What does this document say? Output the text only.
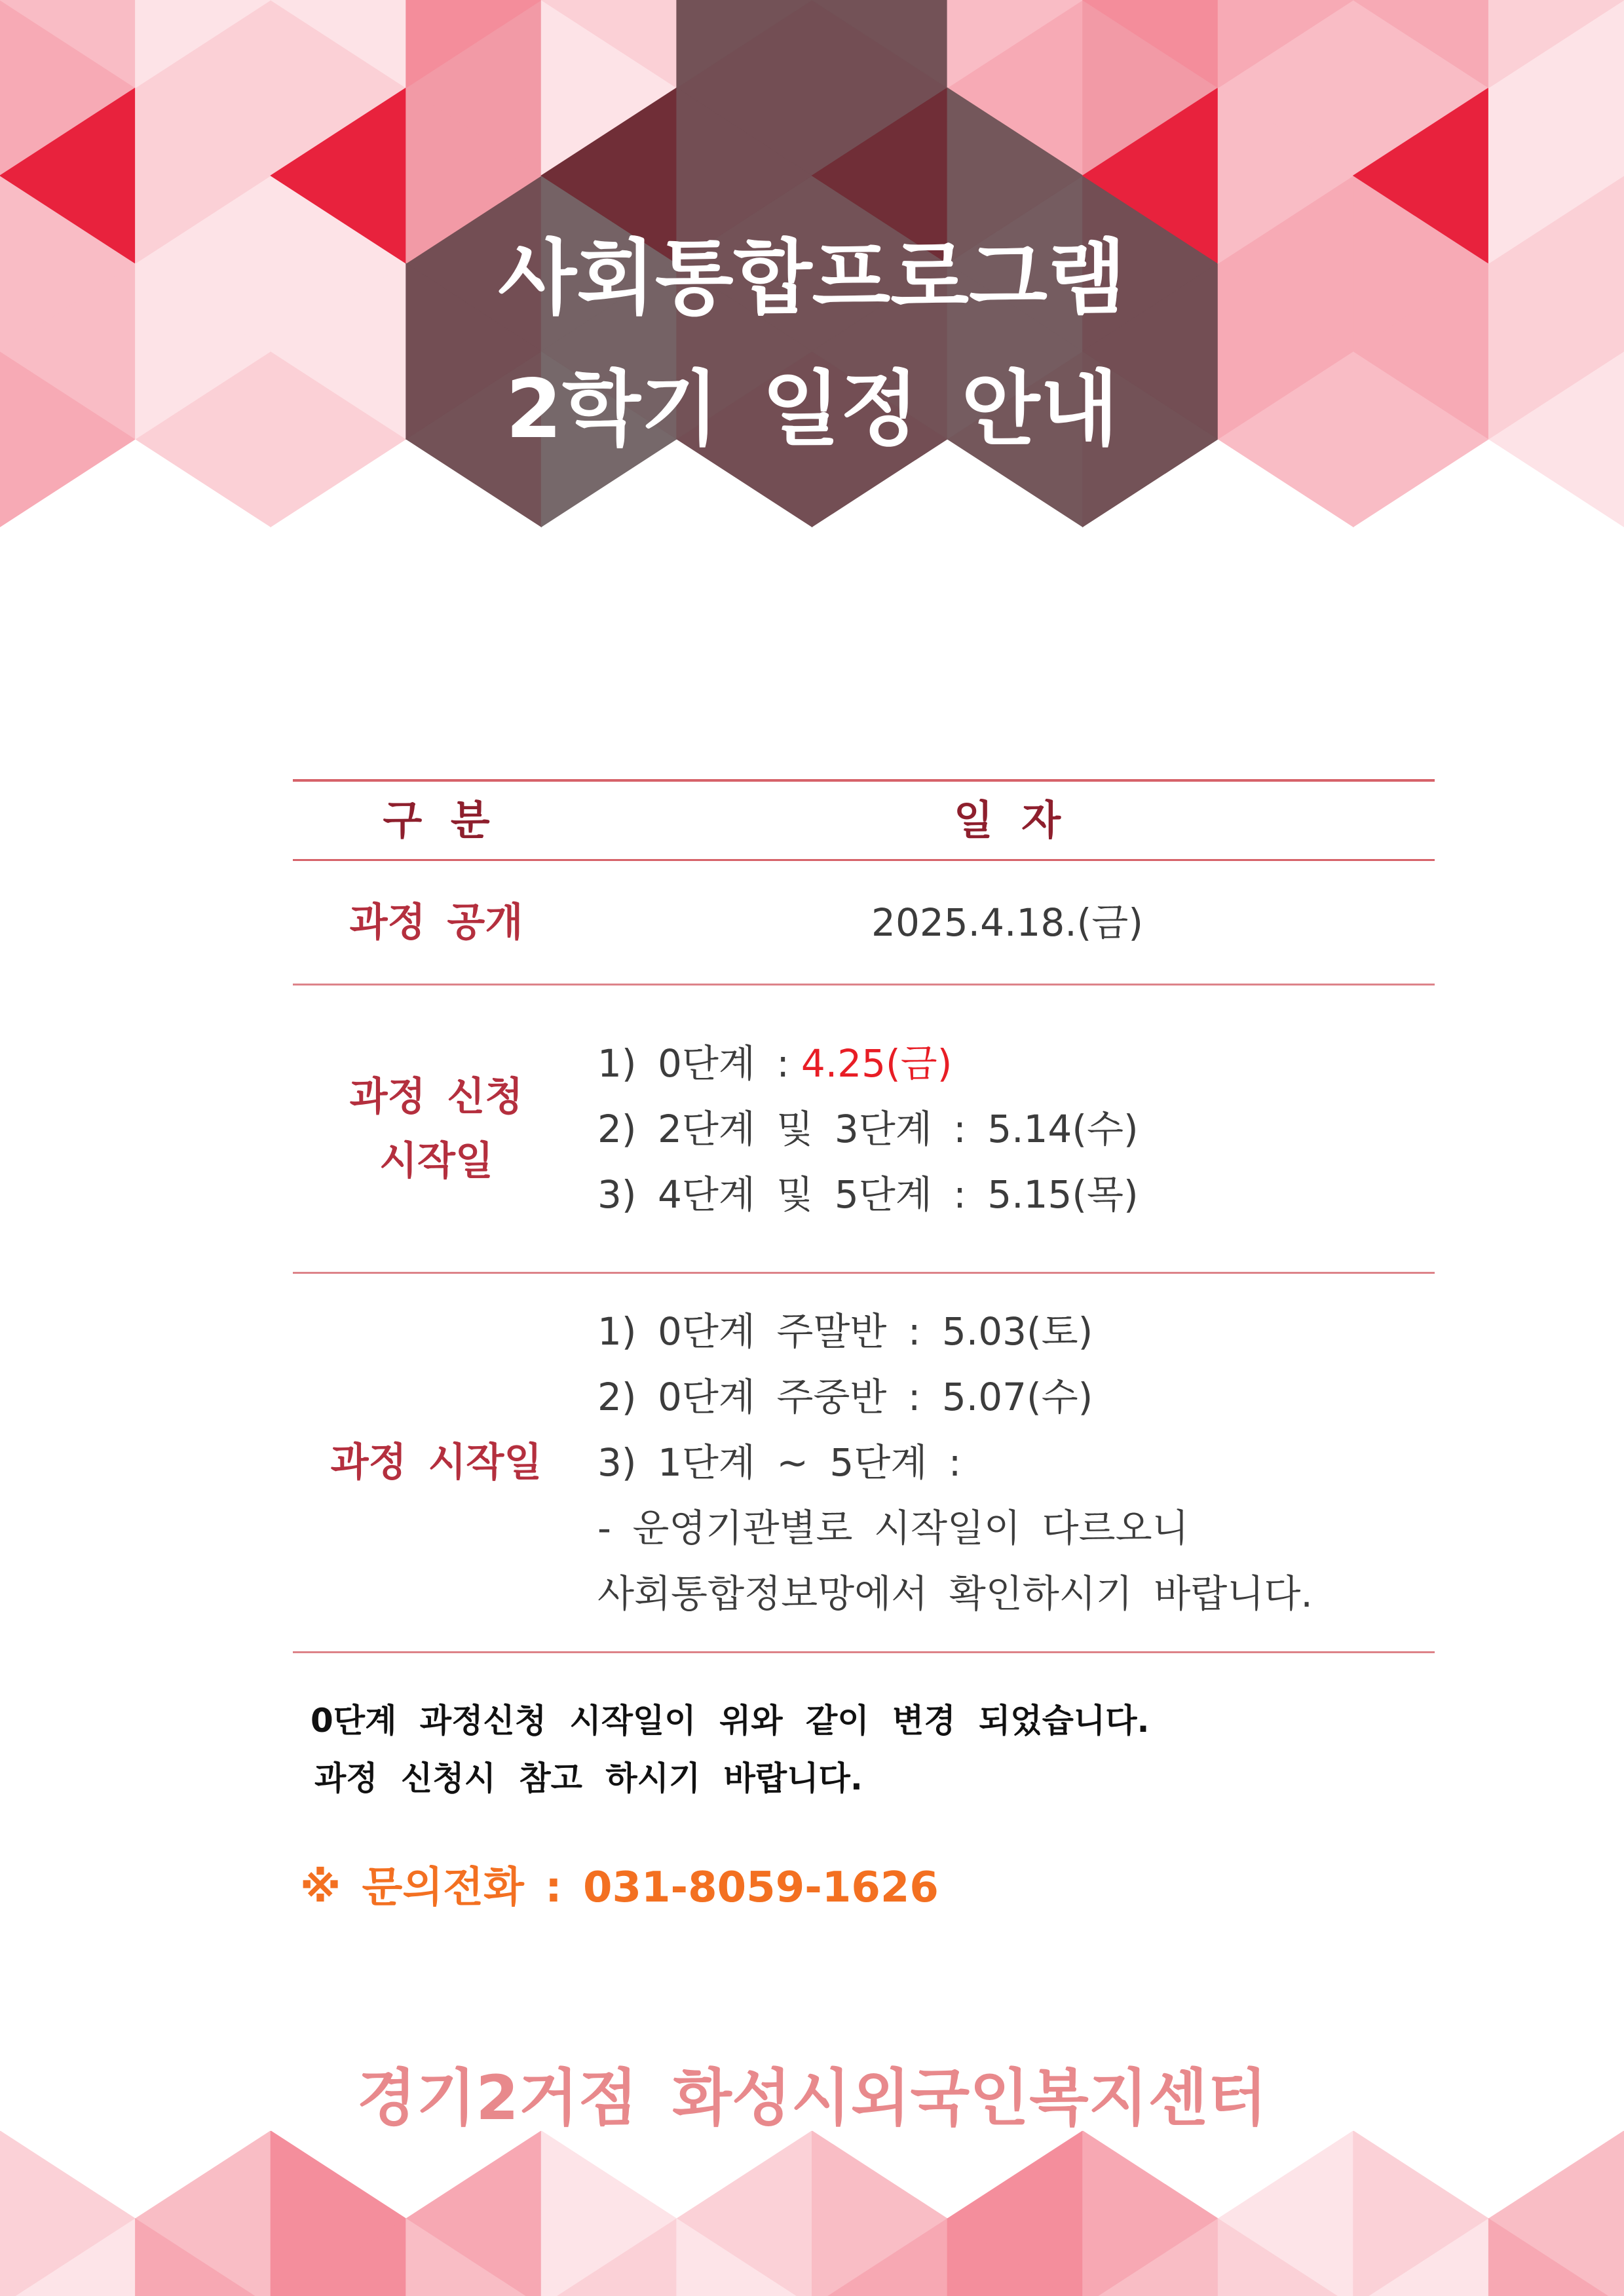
사회통합프로그램
2학기 일정 안내
구 분	일 자
과정 공개	2025.4.18.(금)
과정 신청
시작일
1) 0단계 : 4.25(금)
2) 2단계 및 3단계 : 5.14(수)
3) 4단계 및 5단계 : 5.15(목)
과정 시작일
1) 0단계 주말반 : 5.03(토)
2) 0단계 주중반 : 5.07(수)
3) 1단계 ~ 5단계 :
- 운영기관별로 시작일이 다르오니
사회통합정보망에서 확인하시기 바랍니다.
0단계 과정신청 시작일이 위와 같이 변경 되었습니다.
과정 신청시 참고 하시기 바랍니다.
※ 문의전화 : 031-8059-1626
경기2거점 화성시외국인복지센터
